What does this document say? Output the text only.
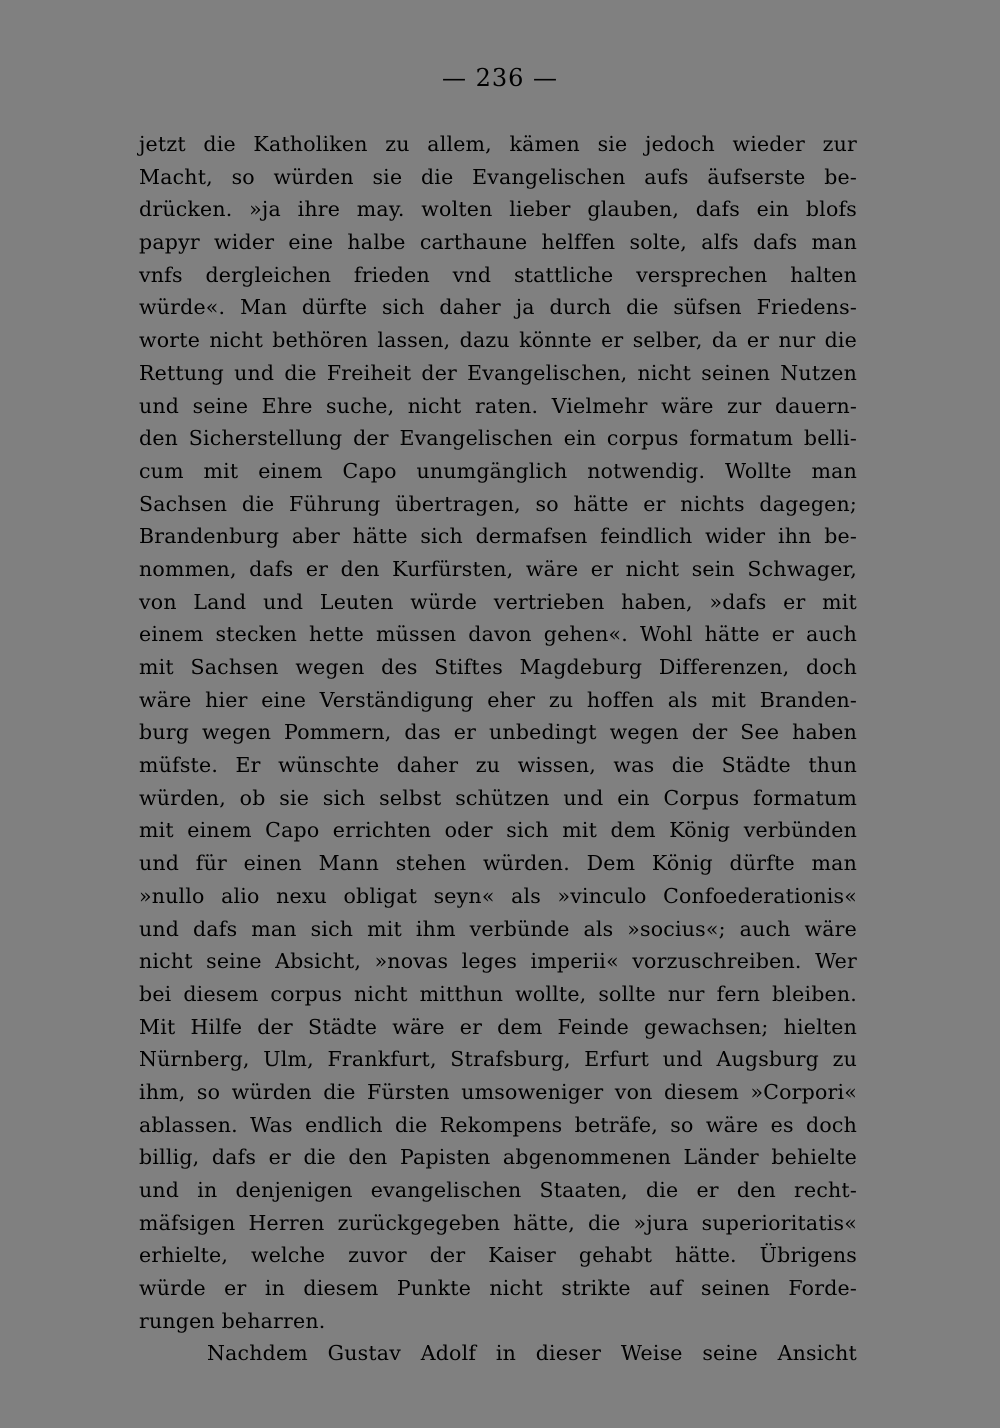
— 236 —
jetzt die Katholiken zu allem, kämen sie jedoch wieder zur
Macht, so würden sie die Evangelischen aufs äufserste be-
drücken. »ja ihre may. wolten lieber glauben, dafs ein blofs
papyr wider eine halbe carthaune helffen solte, alfs dafs man
vnfs dergleichen frieden vnd stattliche versprechen halten
würde«. Man dürfte sich daher ja durch die süfsen Friedens-
worte nicht bethören lassen, dazu könnte er selber, da er nur die
Rettung und die Freiheit der Evangelischen, nicht seinen Nutzen
und seine Ehre suche, nicht raten. Vielmehr wäre zur dauern-
den Sicherstellung der Evangelischen ein corpus formatum belli-
cum mit einem Capo unumgänglich notwendig. Wollte man
Sachsen die Führung übertragen, so hätte er nichts dagegen;
Brandenburg aber hätte sich dermafsen feindlich wider ihn be-
nommen, dafs er den Kurfürsten, wäre er nicht sein Schwager,
von Land und Leuten würde vertrieben haben, »dafs er mit
einem stecken hette müssen davon gehen«. Wohl hätte er auch
mit Sachsen wegen des Stiftes Magdeburg Differenzen, doch
wäre hier eine Verständigung eher zu hoffen als mit Branden-
burg wegen Pommern, das er unbedingt wegen der See haben
müfste. Er wünschte daher zu wissen, was die Städte thun
würden, ob sie sich selbst schützen und ein Corpus formatum
mit einem Capo errichten oder sich mit dem König verbünden
und für einen Mann stehen würden. Dem König dürfte man
»nullo alio nexu obligat seyn« als »vinculo Confoederationis«
und dafs man sich mit ihm verbünde als »socius«; auch wäre
nicht seine Absicht, »novas leges imperii« vorzuschreiben. Wer
bei diesem corpus nicht mitthun wollte, sollte nur fern bleiben.
Mit Hilfe der Städte wäre er dem Feinde gewachsen; hielten
Nürnberg, Ulm, Frankfurt, Strafsburg, Erfurt und Augsburg zu
ihm, so würden die Fürsten umsoweniger von diesem »Corpori«
ablassen. Was endlich die Rekompens beträfe, so wäre es doch
billig, dafs er die den Papisten abgenommenen Länder behielte
und in denjenigen evangelischen Staaten, die er den recht-
mäfsigen Herren zurückgegeben hätte, die »jura superioritatis«
erhielte, welche zuvor der Kaiser gehabt hätte. Übrigens
würde er in diesem Punkte nicht strikte auf seinen Forde-
rungen beharren.
Nachdem Gustav Adolf in dieser Weise seine Ansicht
